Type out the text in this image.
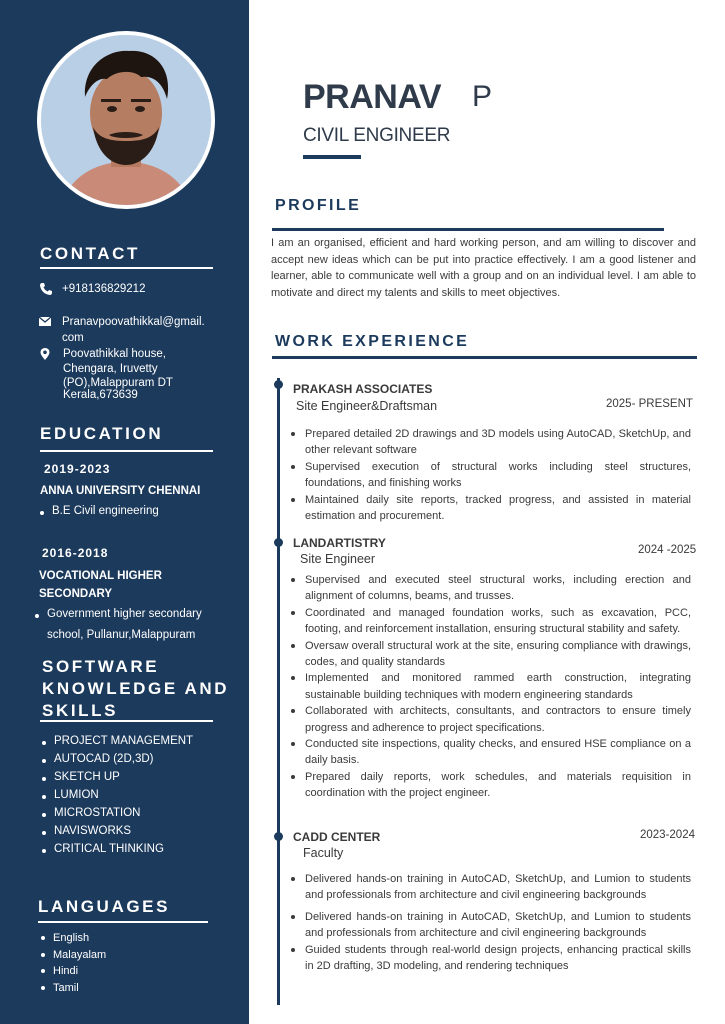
CONTACT
+918136829212
Pranavpoovathikkal@gmail.
com
Poovathikkal house,
Chengara, Iruvetty
(PO),Malappuram DT
Kerala,673639
EDUCATION
2019-2023
ANNA UNIVERSITY CHENNAI
B.E Civil engineering
2016-2018
VOCATIONAL HIGHER
SECONDARY
Government higher secondary
school, Pullanur,Malappuram
SOFTWARE
KNOWLEDGE AND
SKILLS
PROJECT MANAGEMENT
AUTOCAD (2D,3D)
SKETCH UP
LUMION
MICROSTATION
NAVISWORKS
CRITICAL THINKING
LANGUAGES
English
Malayalam
Hindi
Tamil
PRANAV P
CIVIL ENGINEER
PROFILE
I am an organised, efficient and hard working person, and am willing to discover and accept new ideas which can be put into practice effectively. I am a good listener and learner, able to communicate well with a group and on an individual level. I am able to motivate and direct my talents and skills to meet objectives.
WORK EXPERIENCE
PRAKASH ASSOCIATES
Site Engineer&Draftsman	2025- PRESENT
Prepared detailed 2D drawings and 3D models using AutoCAD, SketchUp, and other relevant software
Supervised execution of structural works including steel structures, foundations, and finishing works
Maintained daily site reports, tracked progress, and assisted in material estimation and procurement.
LANDARTISTRY
Site Engineer
2024 -2025
Supervised and executed steel structural works, including erection and alignment of columns, beams, and trusses.
Coordinated and managed foundation works, such as excavation, PCC, footing, and reinforcement installation, ensuring structural stability and safety.
Oversaw overall structural work at the site, ensuring compliance with drawings, codes, and quality standards
Implemented and monitored rammed earth construction, integrating sustainable building techniques with modern engineering standards
Collaborated with architects, consultants, and contractors to ensure timely progress and adherence to project specifications.
Conducted site inspections, quality checks, and ensured HSE compliance on a daily basis.
Prepared daily reports, work schedules, and materials requisition in coordination with the project engineer.
CADD CENTER
Faculty
2023-2024
Delivered hands-on training in AutoCAD, SketchUp, and Lumion to students and professionals from architecture and civil engineering backgrounds
Delivered hands-on training in AutoCAD, SketchUp, and Lumion to students and professionals from architecture and civil engineering backgrounds
Guided students through real-world design projects, enhancing practical skills in 2D drafting, 3D modeling, and rendering techniques
